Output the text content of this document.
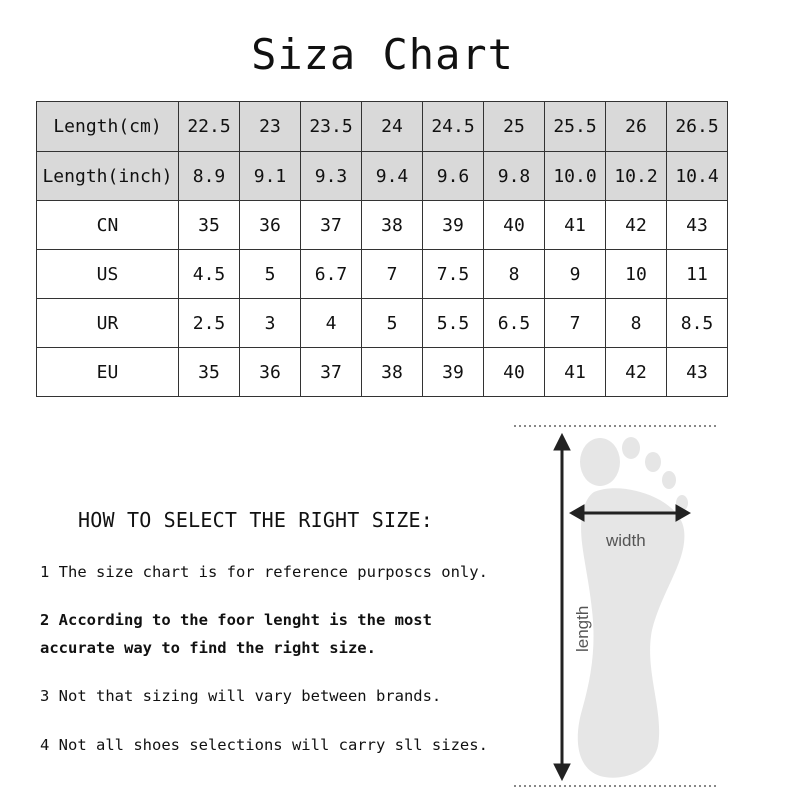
Siza Chart
Length(cm)	22.5	23	23.5	24	24.5	25	25.5	26	26.5
Length(inch)	8.9	9.1	9.3	9.4	9.6	9.8	10.0	10.2	10.4
CN	35	36	37	38	39	40	41	42	43
US	4.5	5	6.7	7	7.5	8	9	10	11
UR	2.5	3	4	5	5.5	6.5	7	8	8.5
EU	35	36	37	38	39	40	41	42	43
HOW TO SELECT THE RIGHT SIZE:
1 The size chart is for reference purposcs only.
2 According to the foor lenght is the most accurate way to find the right size.
3 Not that sizing will vary between brands.
4 Not all shoes selections will carry sll sizes.
width
length
